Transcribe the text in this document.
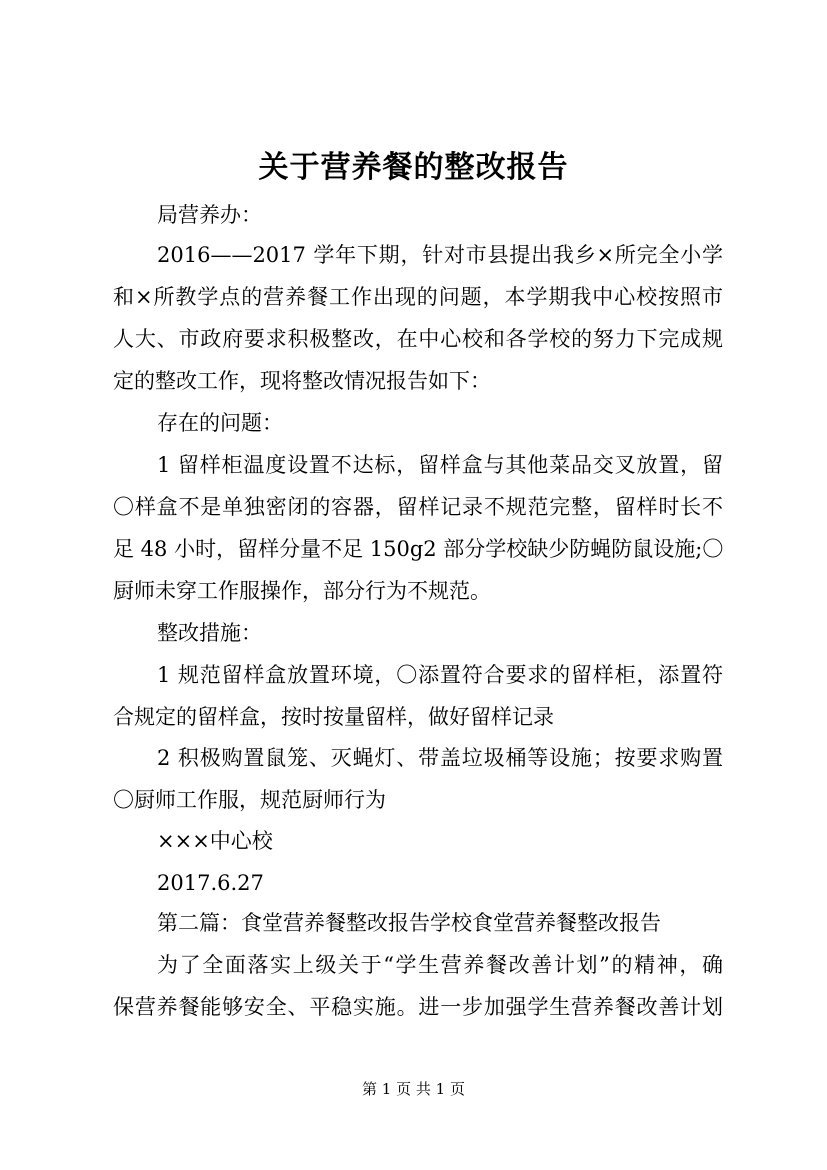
关于营养餐的整改报告
局营养办：
2016——2017 学年下期，针对市县提出我乡×所完全小学
和×所教学点的营养餐工作出现的问题，本学期我中心校按照市
人大、市政府要求积极整改，在中心校和各学校的努力下完成规
定的整改工作，现将整改情况报告如下：
存在的问题：
1 留样柜温度设置不达标，留样盒与其他菜品交叉放置，留
〇样盒不是单独密闭的容器，留样记录不规范完整，留样时长不
足 48 小时，留样分量不足 150g2 部分学校缺少防蝇防鼠设施;〇
厨师未穿工作服操作，部分行为不规范。
整改措施：
1 规范留样盒放置环境，〇添置符合要求的留样柜，添置符
合规定的留样盒，按时按量留样，做好留样记录
2 积极购置鼠笼、灭蝇灯、带盖垃圾桶等设施；按要求购置
〇厨师工作服，规范厨师行为
×××中心校
2017.6.27
第二篇：食堂营养餐整改报告学校食堂营养餐整改报告
为了全面落实上级关于“学生营养餐改善计划”的精神，确
保营养餐能够安全、平稳实施。进一步加强学生营养餐改善计划
第 1 页 共 1 页
